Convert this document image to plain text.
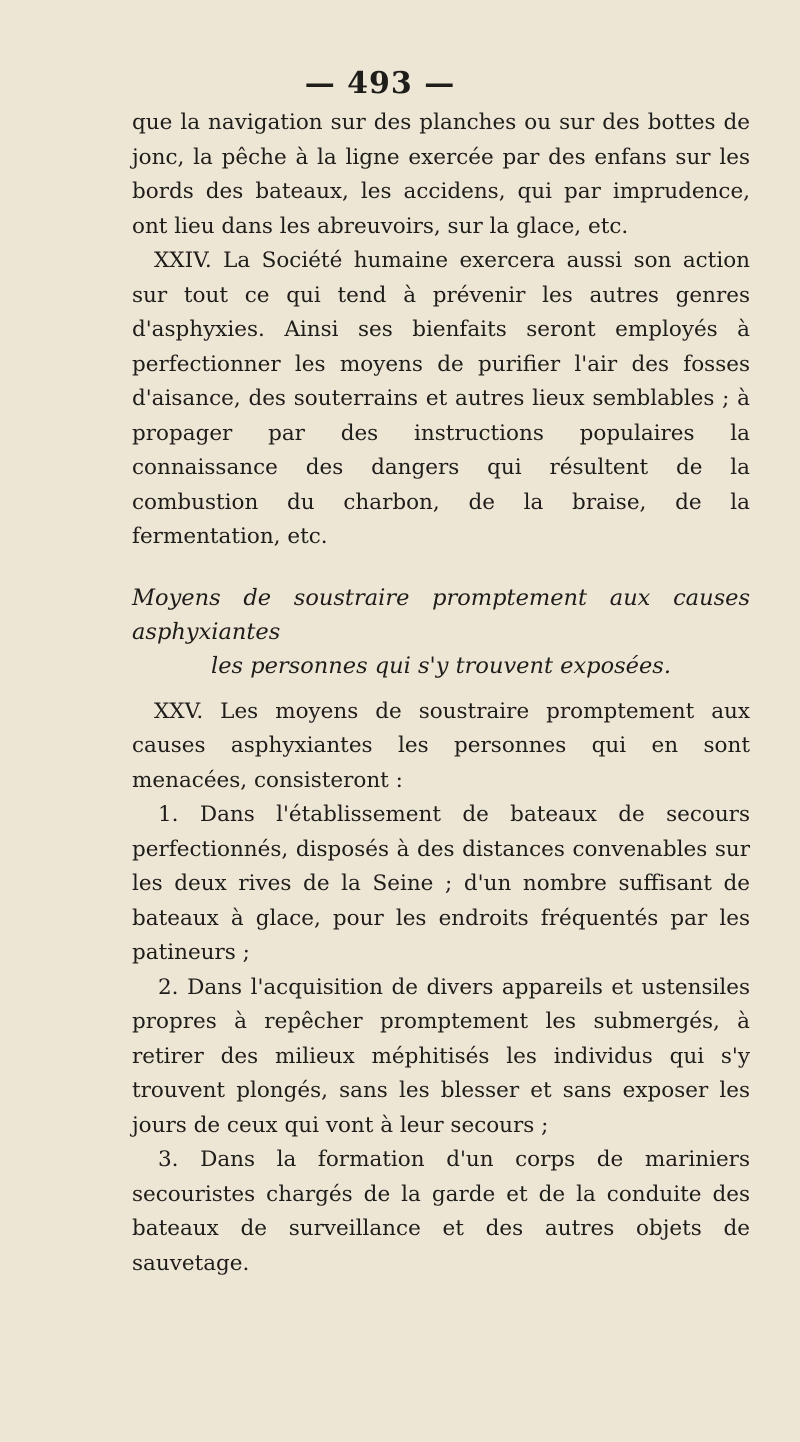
— 493 —

que la navigation sur des planches ou sur des bottes de jonc, la pêche à la ligne exercée par des enfans sur les bords des bateaux, les accidens, qui par imprudence, ont lieu dans les abreuvoirs, sur la glace, etc.

XXIV. La Société humaine exercera aussi son action sur tout ce qui tend à prévenir les autres genres d'asphyxies. Ainsi ses bienfaits seront employés à perfectionner les moyens de purifier l'air des fosses d'aisance, des souterrains et autres lieux semblables ; à propager par des instructions populaires la connaissance des dangers qui résultent de la combustion du charbon, de la braise, de la fermentation, etc.

Moyens de soustraire promptement aux causes asphyxiantes
les personnes qui s'y trouvent exposées.

XXV. Les moyens de soustraire promptement aux causes asphyxiantes les personnes qui en sont menacées, consisteront :

1. Dans l'établissement de bateaux de secours perfectionnés, disposés à des distances convenables sur les deux rives de la Seine ; d'un nombre suffisant de bateaux à glace, pour les endroits fréquentés par les patineurs ;

2. Dans l'acquisition de divers appareils et ustensiles propres à repêcher promptement les submergés, à retirer des milieux méphitisés les individus qui s'y trouvent plongés, sans les blesser et sans exposer les jours de ceux qui vont à leur secours ;

3. Dans la formation d'un corps de mariniers secouristes chargés de la garde et de la conduite des bateaux de surveillance et des autres objets de sauvetage.
